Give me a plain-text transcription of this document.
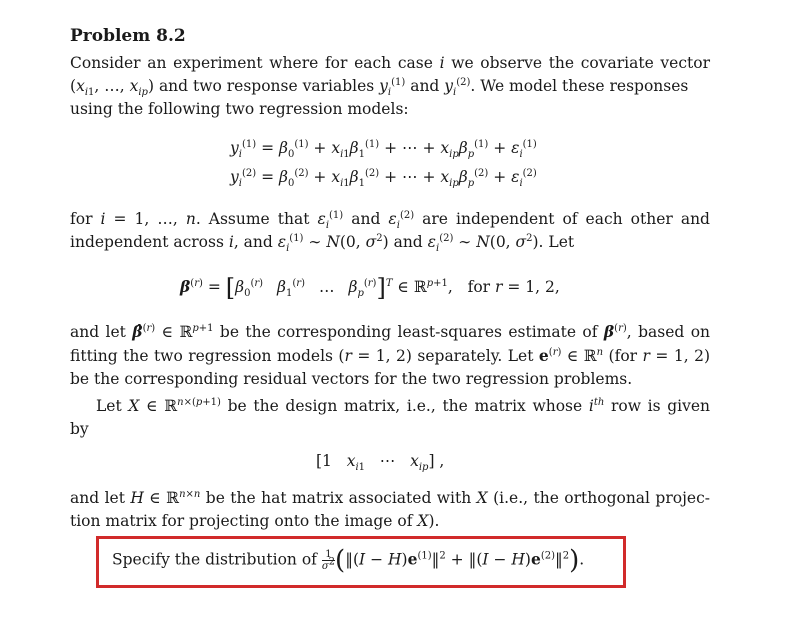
Problem 8.2
Consider an experiment where for each case i we observe the covariate vector
($x_{i1}$, …, $x_{ip}$) and two response variables $y_i^{(1)}$ and $y_i^{(2)}$. We model these responses
using the following two regression models:
$y_i^{(1)} = \beta_0^{(1)} + x_{i1}\beta_1^{(1)}$ + ⋯ + $x_{ip}\beta_p^{(1)} + \varepsilon_i^{(1)}$
$y_i^{(2)} = \beta_0^{(2)} + x_{i1}\beta_1^{(2)}$ + ⋯ + $x_{ip}\beta_p^{(2)} + \varepsilon_i^{(2)}$
for i = 1, …, n. Assume that $\varepsilon_i^{(1)}$ and $\varepsilon_i^{(2)}$ are independent of each other and
independent across i, and $\varepsilon_i^{(1)}$ ∼ N(0, $\sigma^2$) and $\varepsilon_i^{(2)}$ ∼ N(0, $\sigma^2$). Let
$\beta^{(r)} = [\beta_0^{(r)}$ $\beta_1^{(r)}$ … $\beta_p^{(r)}]^T$ ∈ ℝ$^{p+1}$,   for r = 1, 2,
and let β̂$^{(r)}$ ∈ ℝ$^{p+1}$ be the corresponding least-squares estimate of $\beta^{(r)}$, based on
fitting the two regression models (r = 1, 2) separately. Let $e^{(r)}$ ∈ ℝ$^n$ (for r = 1, 2)
be the corresponding residual vectors for the two regression problems.
Let X ∈ ℝ$^{n\times(p+1)}$ be the design matrix, i.e., the matrix whose $i^{th}$ row is given
by
[1   $x_{i1}$   ⋯   $x_{ip}$] ,
and let H ∈ ℝ$^{n\times n}$ be the hat matrix associated with X (i.e., the orthogonal projec-
tion matrix for projecting onto the image of X).
Specify the distribution of $\frac{1}{\sigma^2}$ (‖(I − $H)e^{(1)}‖^2$ + ‖(I − $H)e^{(2)}‖^2$).
